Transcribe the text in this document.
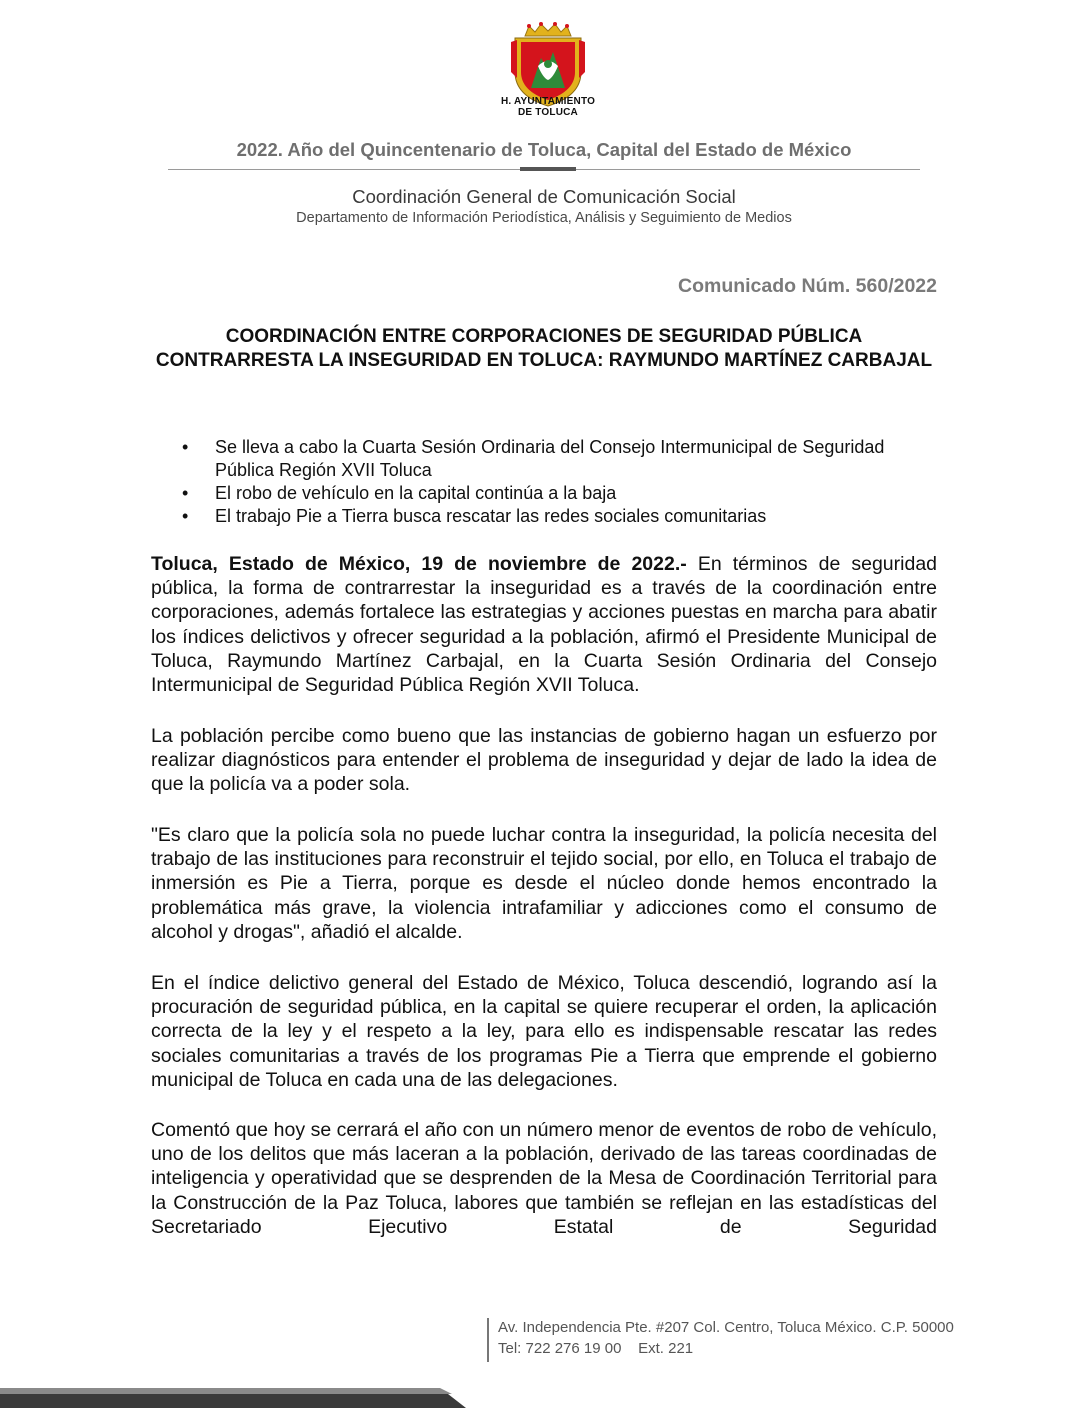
H. AYUNTAMIENTO
DE TOLUCA
2022. Año del Quincentenario de Toluca, Capital del Estado de México
Coordinación General de Comunicación Social
Departamento de Información Periodística, Análisis y Seguimiento de Medios
Comunicado Núm. 560/2022
COORDINACIÓN ENTRE CORPORACIONES DE SEGURIDAD PÚBLICA CONTRARRESTA LA INSEGURIDAD EN TOLUCA: RAYMUNDO MARTÍNEZ CARBAJAL
• Se lleva a cabo la Cuarta Sesión Ordinaria del Consejo Intermunicipal de Seguridad Pública Región XVII Toluca
• El robo de vehículo en la capital continúa a la baja
• El trabajo Pie a Tierra busca rescatar las redes sociales comunitarias

Toluca, Estado de México, 19 de noviembre de 2022.- En términos de seguridad pública, la forma de contrarrestar la inseguridad es a través de la coordinación entre corporaciones, además fortalece las estrategias y acciones puestas en marcha para abatir los índices delictivos y ofrecer seguridad a la población, afirmó el Presidente Municipal de Toluca, Raymundo Martínez Carbajal, en la Cuarta Sesión Ordinaria del Consejo Intermunicipal de Seguridad Pública Región XVII Toluca.

La población percibe como bueno que las instancias de gobierno hagan un esfuerzo por realizar diagnósticos para entender el problema de inseguridad y dejar de lado la idea de que la policía va a poder sola.

"Es claro que la policía sola no puede luchar contra la inseguridad, la policía necesita del trabajo de las instituciones para reconstruir el tejido social, por ello, en Toluca el trabajo de inmersión es Pie a Tierra, porque es desde el núcleo donde hemos encontrado la problemática más grave, la violencia intrafamiliar y adicciones como el consumo de alcohol y drogas", añadió el alcalde.

En el índice delictivo general del Estado de México, Toluca descendió, logrando así la procuración de seguridad pública, en la capital se quiere recuperar el orden, la aplicación correcta de la ley y el respeto a la ley, para ello es indispensable rescatar las redes sociales comunitarias a través de los programas Pie a Tierra que emprende el gobierno municipal de Toluca en cada una de las delegaciones.

Comentó que hoy se cerrará el año con un número menor de eventos de robo de vehículo, uno de los delitos que más laceran a la población, derivado de las tareas coordinadas de inteligencia y operatividad que se desprenden de la Mesa de Coordinación Territorial para la Construcción de la Paz Toluca, labores que también se reflejan en las estadísticas del Secretariado Ejecutivo Estatal de Seguridad

Av. Independencia Pte. #207 Col. Centro, Toluca México. C.P. 50000
Tel: 722 276 19 00    Ext. 221
